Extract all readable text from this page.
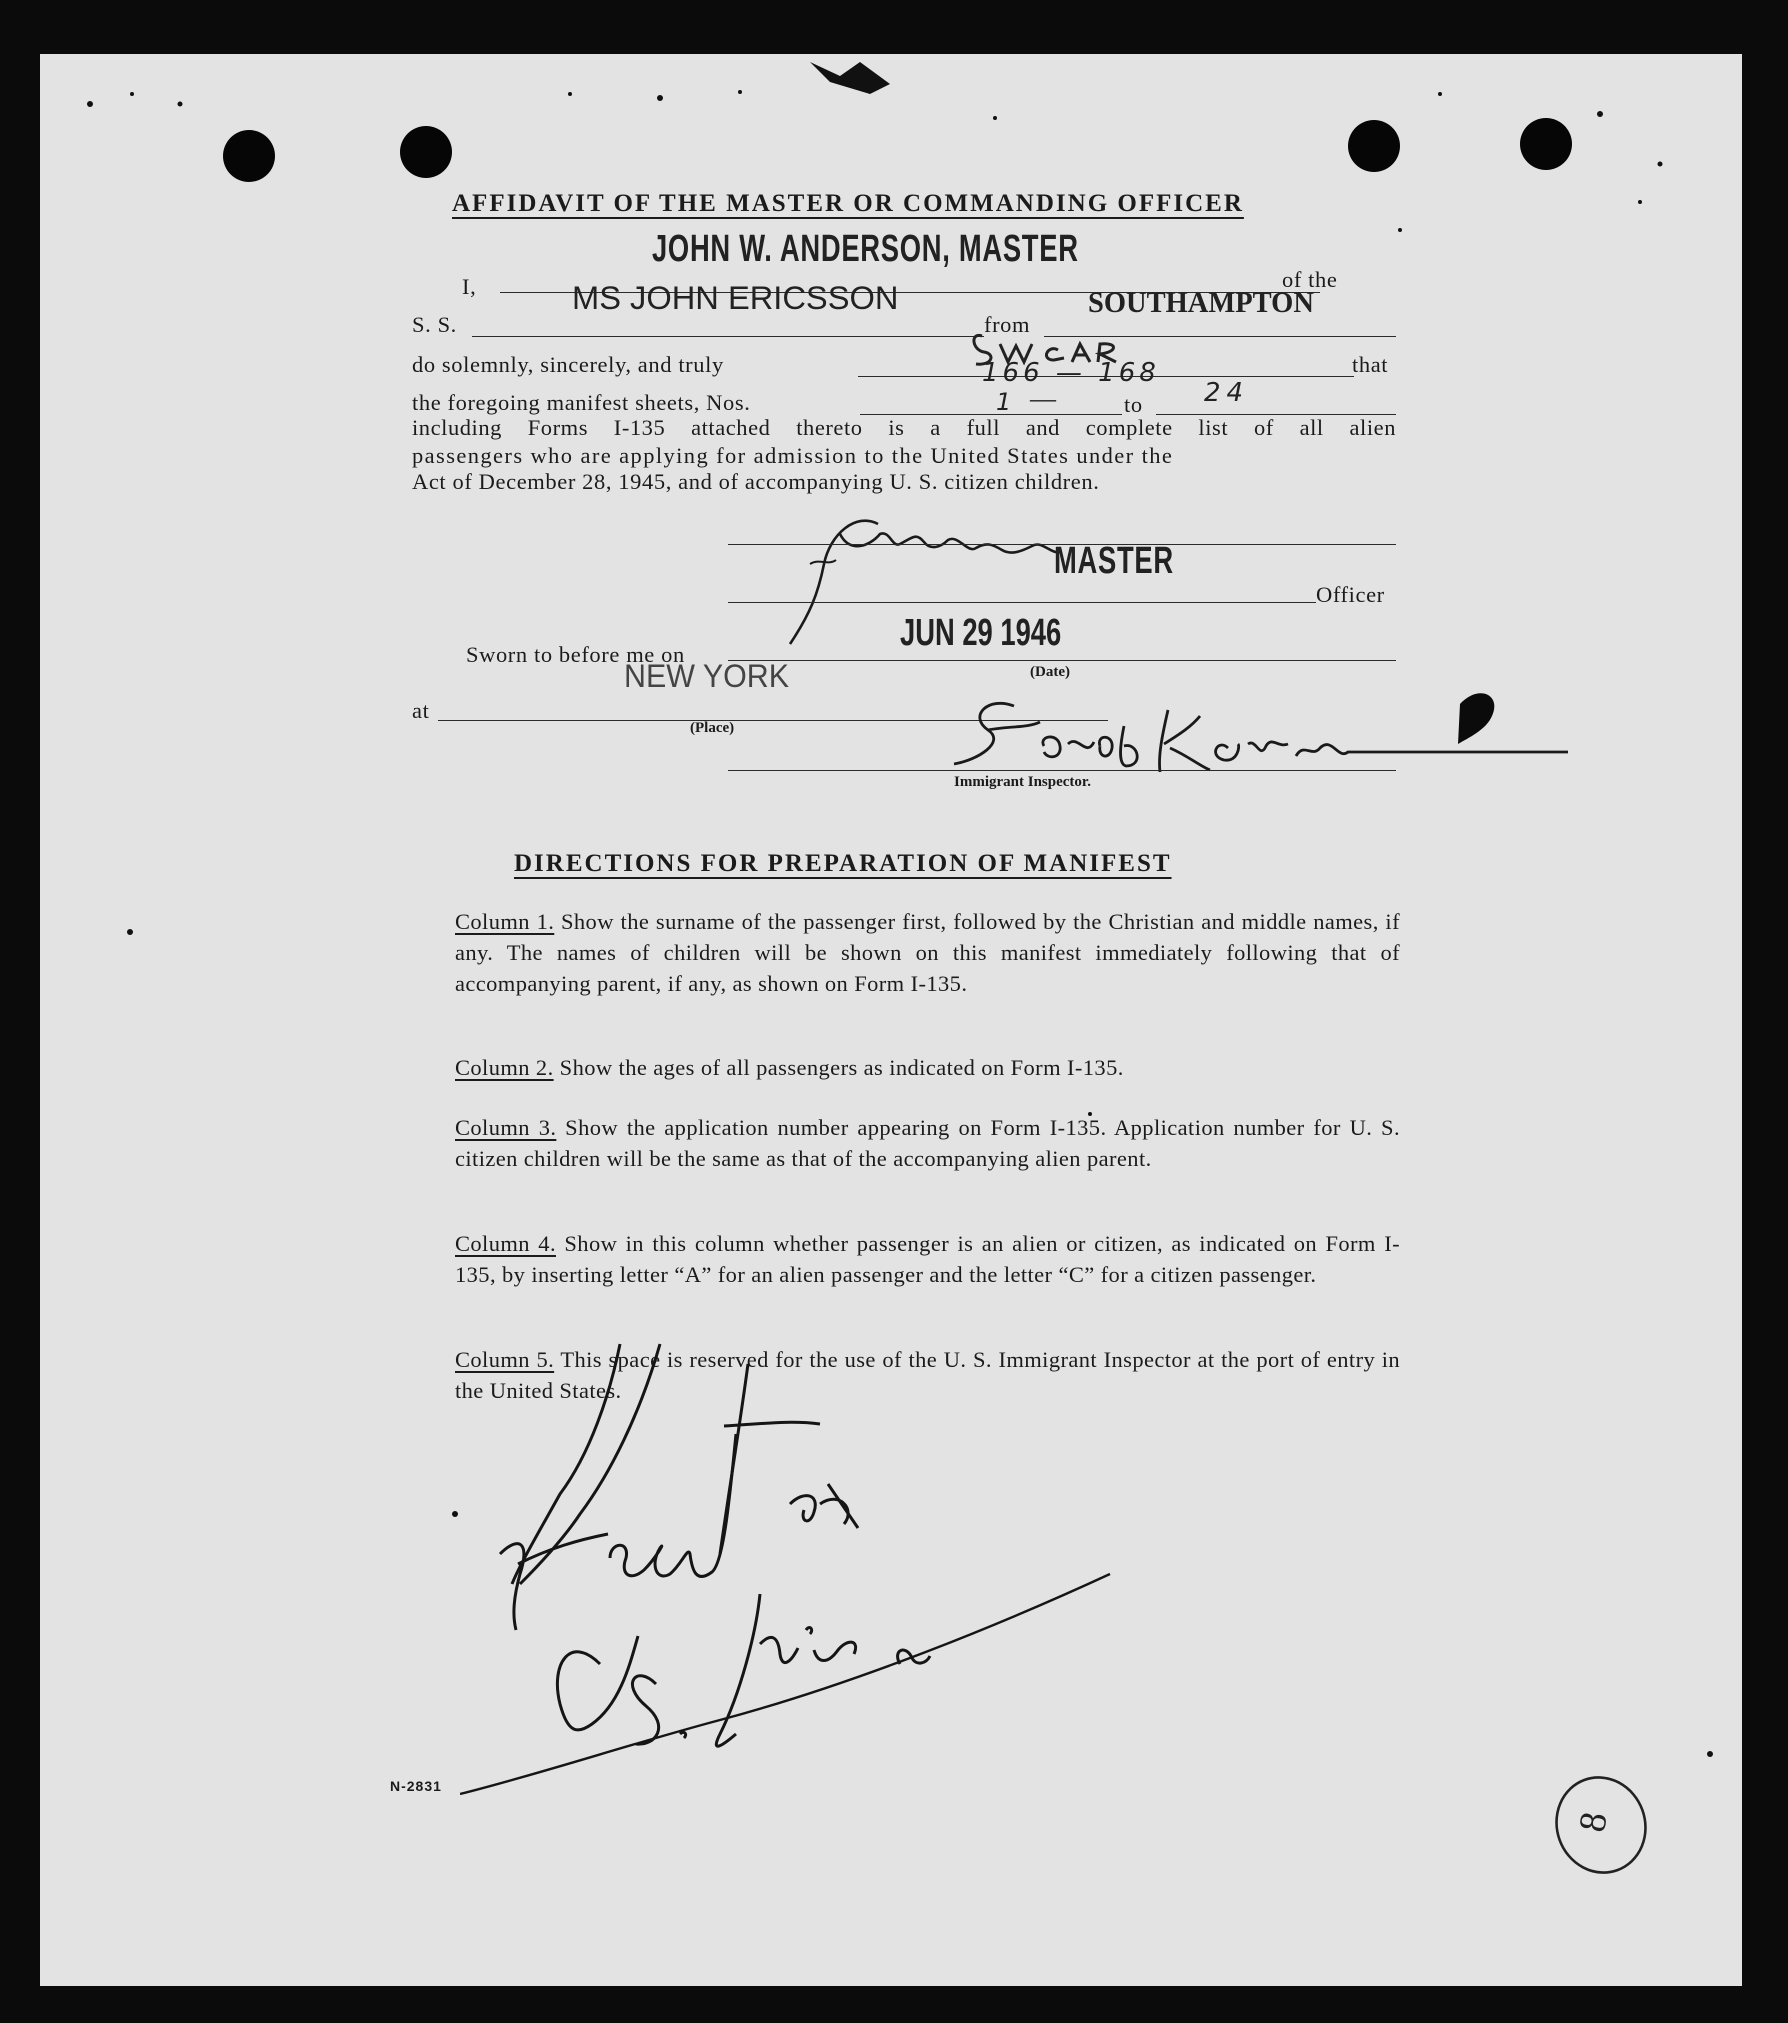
AFFIDAVIT OF THE MASTER OR COMMANDING OFFICER
I,
JOHN W. ANDERSON, MASTER
of the
S. S.
MS JOHN ERICSSON
from
SOUTHAMPTON
do solemnly, sincerely, and truly	that
the foregoing manifest sheets, Nos.
166 — 168
1 —	to 24
including Forms I-135 attached thereto is a full and complete list of all alien
passengers who are applying for admission to the United States under the
Act of December 28, 1945, and of accompanying U. S. citizen children.
MASTER
Officer
Sworn to before me on
JUN 29 1946
(Date)
NEW YORK
at
(Place)
Immigrant Inspector.
DIRECTIONS FOR PREPARATION OF MANIFEST
Column 1. Show the surname of the passenger first, followed by the Christian and middle names, if any. The names of children will be shown on this manifest immediately following that of accompanying parent, if any, as shown on Form I-135.
Column 2. Show the ages of all passengers as indicated on Form I-135.
Column 3. Show the application number appearing on Form I-135. Application number for U. S. citizen children will be the same as that of the accompanying alien parent.
Column 4. Show in this column whether passenger is an alien or citizen, as indicated on Form I-135, by inserting letter “A” for an alien passenger and the letter “C” for a citizen passenger.
Column 5. This space is reserved for the use of the U. S. Immigrant Inspector at the port of entry in the United States.
8
N-2831
